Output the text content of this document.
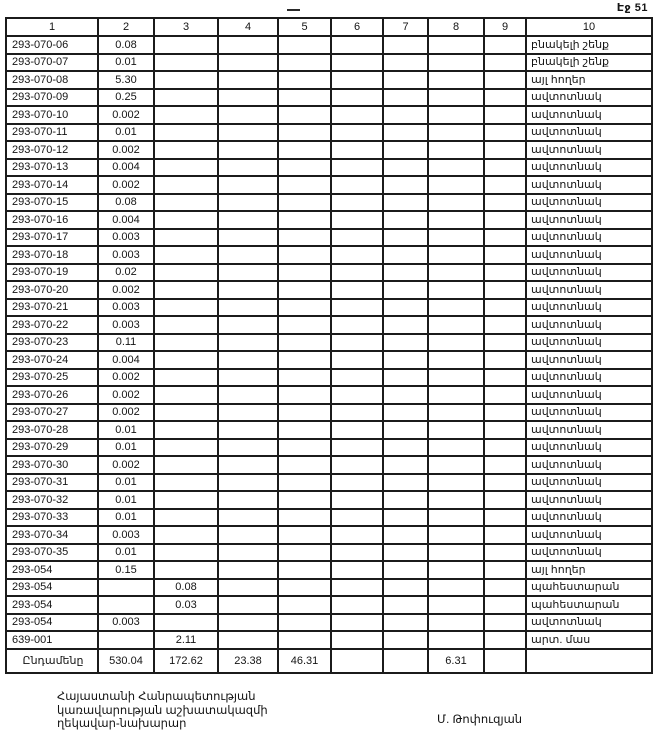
Էջ 51
1	2	3	4	5	6	7	8	9	10
293-070-06	0.08								բնակելի շենք
293-070-07	0.01								բնակելի շենք
293-070-08	5.30								այլ հողեր
293-070-09	0.25								ավտոտնակ
293-070-10	0.002								ավտոտնակ
293-070-11	0.01								ավտոտնակ
293-070-12	0.002								ավտոտնակ
293-070-13	0.004								ավտոտնակ
293-070-14	0.002								ավտոտնակ
293-070-15	0.08								ավտոտնակ
293-070-16	0.004								ավտոտնակ
293-070-17	0.003								ավտոտնակ
293-070-18	0.003								ավտոտնակ
293-070-19	0.02								ավտոտնակ
293-070-20	0.002								ավտոտնակ
293-070-21	0.003								ավտոտնակ
293-070-22	0.003								ավտոտնակ
293-070-23	0.11								ավտոտնակ
293-070-24	0.004								ավտոտնակ
293-070-25	0.002								ավտոտնակ
293-070-26	0.002								ավտոտնակ
293-070-27	0.002								ավտոտնակ
293-070-28	0.01								ավտոտնակ
293-070-29	0.01								ավտոտնակ
293-070-30	0.002								ավտոտնակ
293-070-31	0.01								ավտոտնակ
293-070-32	0.01								ավտոտնակ
293-070-33	0.01								ավտոտնակ
293-070-34	0.003								ավտոտնակ
293-070-35	0.01								ավտոտնակ
293-054	0.15								այլ հողեր
293-054		0.08							պահեստարան
293-054		0.03							պահեստարան
293-054	0.003								ավտոտնակ
639-001		2.11							արտ. մաս
Ընդամենը	530.04	172.62	23.38	46.31			6.31		
Հայաստանի Հանրապետության
կառավարության աշխատակազմի
ղեկավար-նախարար	Մ. Թոփուզյան
